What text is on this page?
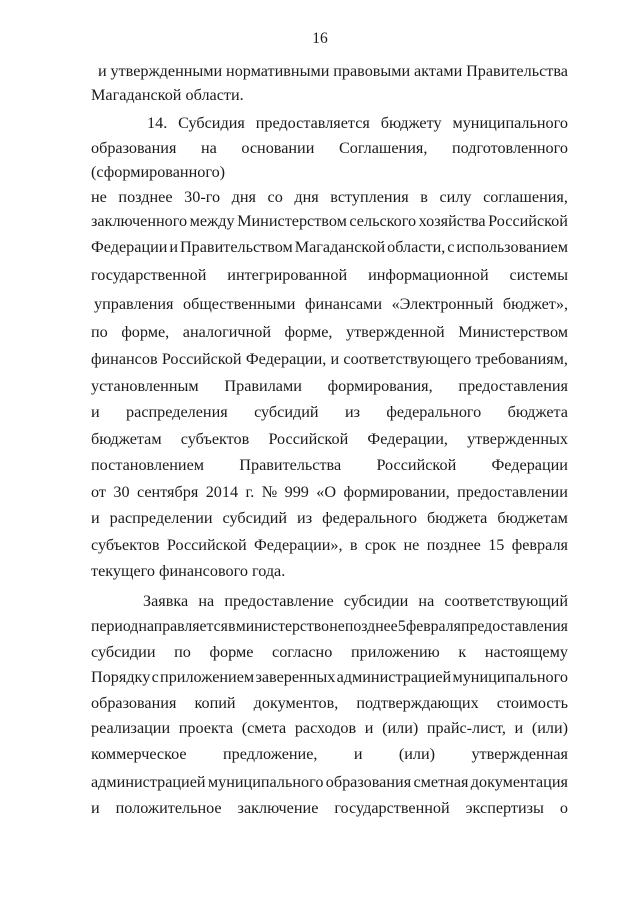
16
и утвержденными нормативными правовыми актами Правительства
Магаданской области.
14. Субсидия предоставляется бюджету муниципального
образования на основании Соглашения, подготовленного
(сформированного)
не позднее 30-го дня со дня вступления в силу соглашения,
заключенного между Министерством сельского хозяйства Российской
Федерации и Правительством Магаданской области, с использованием
государственной интегрированной информационной системы
управления общественными финансами «Электронный бюджет»,
по форме, аналогичной форме, утвержденной Министерством
финансов Российской Федерации, и соответствующего требованиям,
установленным Правилами формирования, предоставления
и распределения субсидий из федерального бюджета
бюджетам субъектов Российской Федерации, утвержденных
постановлением Правительства Российской Федерации
от 30 сентября 2014 г. № 999 «О формировании, предоставлении
и распределении субсидий из федерального бюджета бюджетам
субъектов Российской Федерации», в срок не позднее 15 февраля
текущего финансового года.
Заявка на предоставление субсидии на соответствующий
период направляется в министерство не позднее 5 февраля предоставления
субсидии по форме согласно приложению к настоящему
Порядку с приложением заверенных администрацией муниципального
образования копий документов, подтверждающих стоимость
реализации проекта (смета расходов и (или) прайс-лист, и (или)
коммерческое предложение, и (или) утвержденная
администрацией муниципального образования сметная документация
и положительное заключение государственной экспертизы о
